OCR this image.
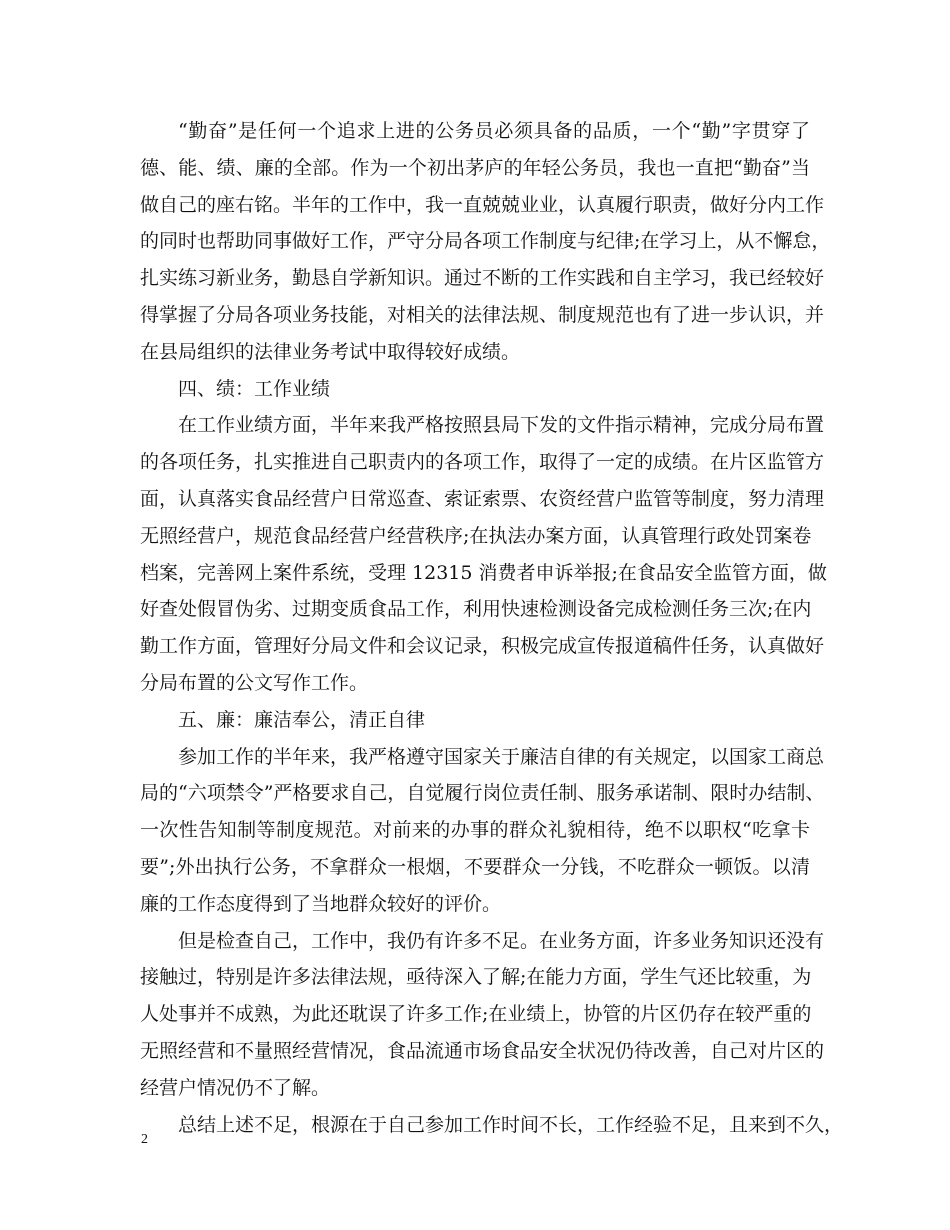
“勤奋”是任何一个追求上进的公务员必须具备的品质，一个“勤”字贯穿了
德、能、绩、廉的全部。作为一个初出茅庐的年轻公务员，我也一直把“勤奋”当
做自己的座右铭。半年的工作中，我一直兢兢业业，认真履行职责，做好分内工作
的同时也帮助同事做好工作，严守分局各项工作制度与纪律;在学习上，从不懈怠，
扎实练习新业务，勤恳自学新知识。通过不断的工作实践和自主学习，我已经较好
得掌握了分局各项业务技能，对相关的法律法规、制度规范也有了进一步认识，并
在县局组织的法律业务考试中取得较好成绩。
四、绩：工作业绩
在工作业绩方面，半年来我严格按照县局下发的文件指示精神，完成分局布置
的各项任务，扎实推进自己职责内的各项工作，取得了一定的成绩。在片区监管方
面，认真落实食品经营户日常巡查、索证索票、农资经营户监管等制度，努力清理
无照经营户，规范食品经营户经营秩序;在执法办案方面，认真管理行政处罚案卷
档案，完善网上案件系统，受理 12315 消费者申诉举报;在食品安全监管方面，做
好查处假冒伪劣、过期变质食品工作，利用快速检测设备完成检测任务三次;在内
勤工作方面，管理好分局文件和会议记录，积极完成宣传报道稿件任务，认真做好
分局布置的公文写作工作。
五、廉：廉洁奉公，清正自律
参加工作的半年来，我严格遵守国家关于廉洁自律的有关规定，以国家工商总
局的“六项禁令”严格要求自己，自觉履行岗位责任制、服务承诺制、限时办结制、
一次性告知制等制度规范。对前来的办事的群众礼貌相待，绝不以职权“吃拿卡
要”;外出执行公务，不拿群众一根烟，不要群众一分钱，不吃群众一顿饭。以清
廉的工作态度得到了当地群众较好的评价。
但是检查自己，工作中，我仍有许多不足。在业务方面，许多业务知识还没有
接触过，特别是许多法律法规，亟待深入了解;在能力方面，学生气还比较重，为
人处事并不成熟，为此还耽误了许多工作;在业绩上，协管的片区仍存在较严重的
无照经营和不量照经营情况，食品流通市场食品安全状况仍待改善，自己对片区的
经营户情况仍不了解。
总结上述不足，根源在于自己参加工作时间不长，工作经验不足，且来到不久，
2
